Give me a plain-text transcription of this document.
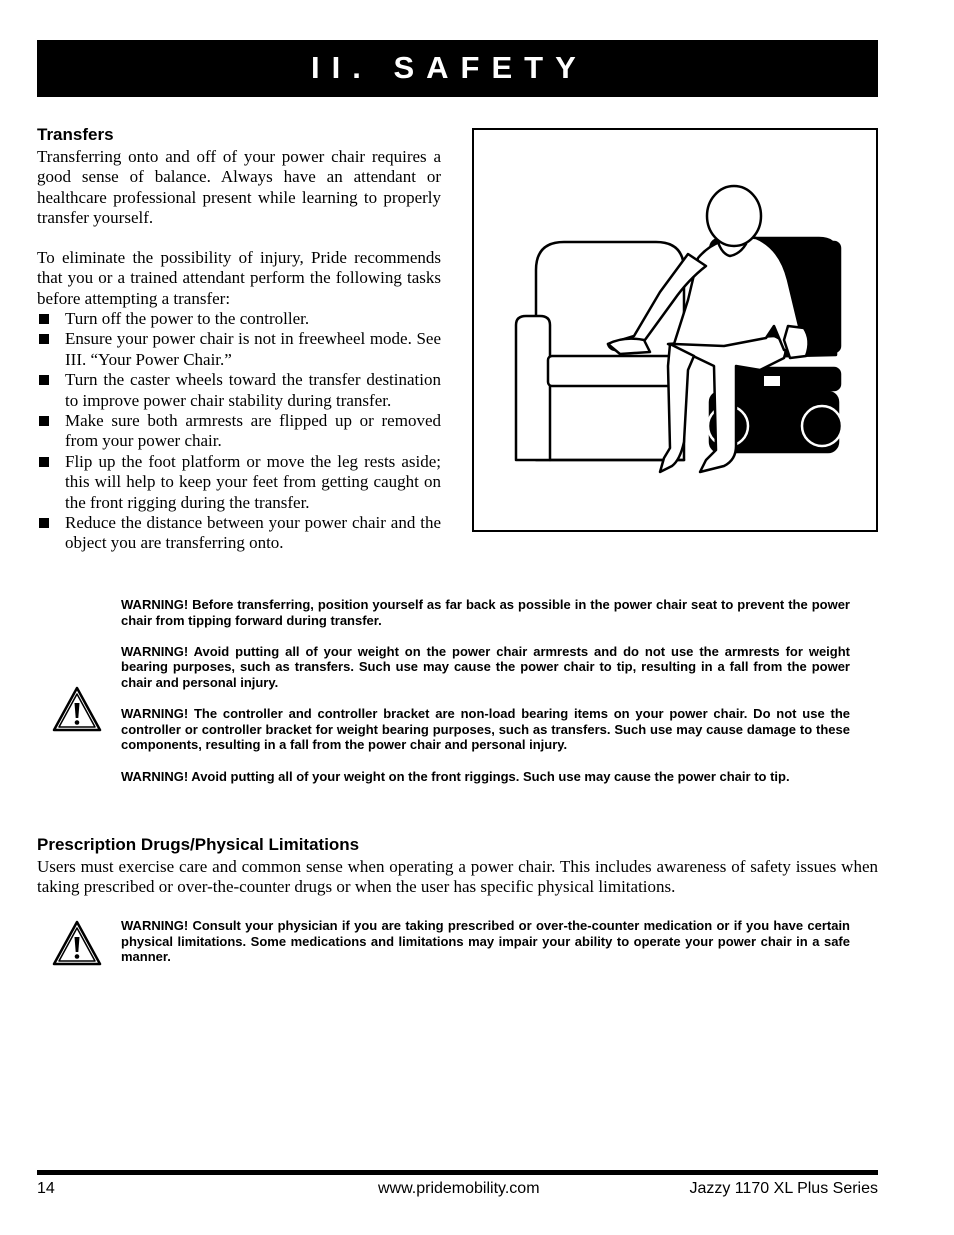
II. SAFETY
Transfers

Transferring onto and off of your power chair requires a good sense of balance. Always have an attendant or healthcare professional present while learning to properly transfer yourself.

To eliminate the possibility of injury, Pride recommends that you or a trained attendant perform the following tasks before attempting a transfer:

Turn off the power to the controller.
Ensure your power chair is not in freewheel mode. See III. “Your Power Chair.”
Turn the caster wheels toward the transfer destination to improve power chair stability during transfer.
Make sure both armrests are flipped up or removed from your power chair.
Flip up the foot platform or move the leg rests aside; this will help to keep your feet from getting caught on the front rigging during the transfer.
Reduce the distance between your power chair and the object you are transferring onto.

WARNING! Before transferring, position yourself as far back as possible in the power chair seat to prevent the power chair from tipping forward during transfer.

WARNING! Avoid putting all of your weight on the power chair armrests and do not use the armrests for weight bearing purposes, such as transfers. Such use may cause the power chair to tip, resulting in a fall from the power chair and personal injury.

WARNING! The controller and controller bracket are non-load bearing items on your power chair. Do not use the controller or controller bracket for weight bearing purposes, such as transfers. Such use may cause damage to these components, resulting in a fall from the power chair and personal injury.

WARNING! Avoid putting all of your weight on the front riggings. Such use may cause the power chair to tip.

Prescription Drugs/Physical Limitations

Users must exercise care and common sense when operating a power chair. This includes awareness of safety issues when taking prescribed or over-the-counter drugs or when the user has specific physical limitations.

WARNING! Consult your physician if you are taking prescribed or over-the-counter medication or if you have certain physical limitations. Some medications and limitations may impair your ability to operate your power chair in a safe manner.

14	www.pridemobility.com	Jazzy 1170 XL Plus Series
